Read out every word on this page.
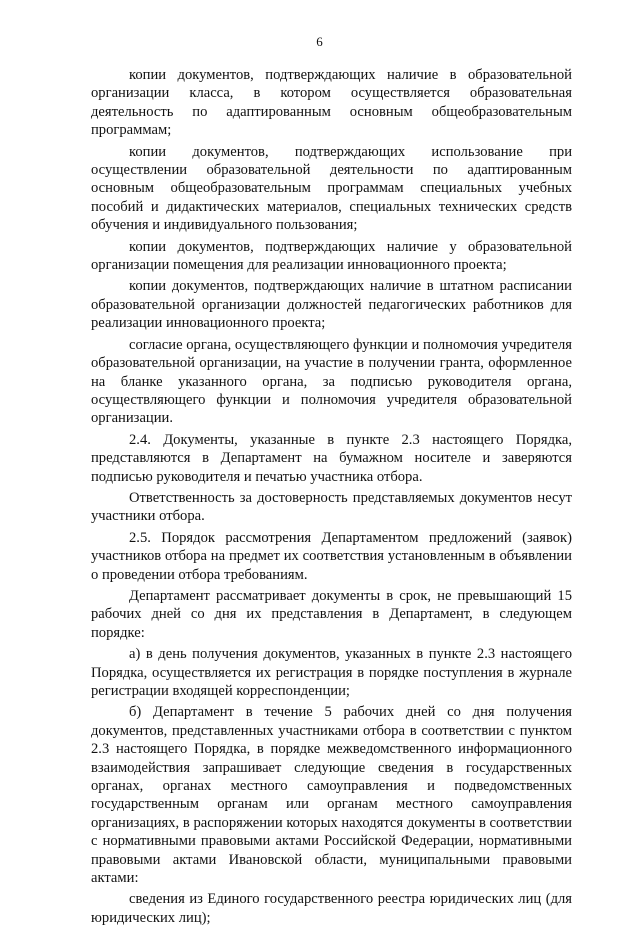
6

копии документов, подтверждающих наличие в образовательной организации класса, в котором осуществляется образовательная деятельность по адаптированным основным общеобразовательным программам;

копии документов, подтверждающих использование при осуществлении образовательной деятельности по адаптированным основным общеобразовательным программам специальных учебных пособий и дидактических материалов, специальных технических средств обучения и индивидуального пользования;

копии документов, подтверждающих наличие у образовательной организации помещения для реализации инновационного проекта;

копии документов, подтверждающих наличие в штатном расписании образовательной организации должностей педагогических работников для реализации инновационного проекта;

согласие органа, осуществляющего функции и полномочия учредителя образовательной организации, на участие в получении гранта, оформленное на бланке указанного органа, за подписью руководителя органа, осуществляющего функции и полномочия учредителя образовательной организации.

2.4. Документы, указанные в пункте 2.3 настоящего Порядка, представляются в Департамент на бумажном носителе и заверяются подписью руководителя и печатью участника отбора.

Ответственность за достоверность представляемых документов несут участники отбора.

2.5. Порядок рассмотрения Департаментом предложений (заявок) участников отбора на предмет их соответствия установленным в объявлении о проведении отбора требованиям.

Департамент рассматривает документы в срок, не превышающий 15 рабочих дней со дня их представления в Департамент, в следующем порядке:

а) в день получения документов, указанных в пункте 2.3 настоящего Порядка, осуществляется их регистрация в порядке поступления в журнале регистрации входящей корреспонденции;

б) Департамент в течение 5 рабочих дней со дня получения документов, представленных участниками отбора в соответствии с пунктом 2.3 настоящего Порядка, в порядке межведомственного информационного взаимодействия запрашивает следующие сведения в государственных органах, органах местного самоуправления и подведомственных государственным органам или органам местного самоуправления организациях, в распоряжении которых находятся документы в соответствии с нормативными правовыми актами Российской Федерации, нормативными правовыми актами Ивановской области, муниципальными правовыми актами:

сведения из Единого государственного реестра юридических лиц (для юридических лиц);
